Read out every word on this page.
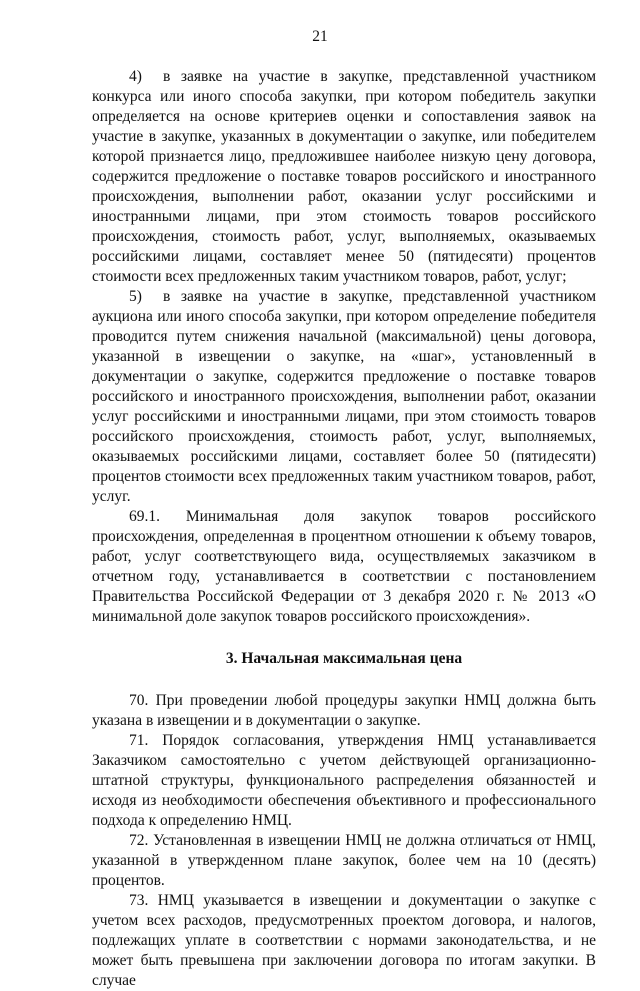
21

4)  в заявке на участие в закупке, представленной участником конкурса или иного способа закупки, при котором победитель закупки определяется на основе критериев оценки и сопоставления заявок на участие в закупке, указанных в документации о закупке, или победителем которой признается лицо, предложившее наиболее низкую цену договора, содержится предложение о поставке товаров российского и иностранного происхождения, выполнении работ, оказании услуг российскими и иностранными лицами, при этом стоимость товаров российского происхождения, стоимость работ, услуг, выполняемых, оказываемых российскими лицами, составляет менее 50 (пятидесяти) процентов стоимости всех предложенных таким участником товаров, работ, услуг;

5)  в заявке на участие в закупке, представленной участником аукциона или иного способа закупки, при котором определение победителя проводится путем снижения начальной (максимальной) цены договора, указанной в извещении о закупке, на «шаг», установленный в документации о закупке, содержится предложение о поставке товаров российского и иностранного происхождения, выполнении работ, оказании услуг российскими и иностранными лицами, при этом стоимость товаров российского происхождения, стоимость работ, услуг, выполняемых, оказываемых российскими лицами, составляет более 50 (пятидесяти) процентов стоимости всех предложенных таким участником товаров, работ, услуг.

69.1. Минимальная доля закупок товаров российского происхождения, определенная в процентном отношении к объему товаров, работ, услуг соответствующего вида, осуществляемых заказчиком в отчетном году, устанавливается в соответствии с постановлением Правительства Российской Федерации от 3 декабря 2020 г. № 2013 «О минимальной доле закупок товаров российского происхождения».

3. Начальная максимальная цена

70. При проведении любой процедуры закупки НМЦ должна быть указана в извещении и в документации о закупке.

71. Порядок согласования, утверждения НМЦ устанавливается Заказчиком самостоятельно с учетом действующей организационно-штатной структуры, функционального распределения обязанностей и исходя из необходимости обеспечения объективного и профессионального подхода к определению НМЦ.

72. Установленная в извещении НМЦ не должна отличаться от НМЦ, указанной в утвержденном плане закупок, более чем на 10 (десять) процентов.

73. НМЦ указывается в извещении и документации о закупке с учетом всех расходов, предусмотренных проектом договора, и налогов, подлежащих уплате в соответствии с нормами законодательства, и не может быть превышена при заключении договора по итогам закупки. В случае
